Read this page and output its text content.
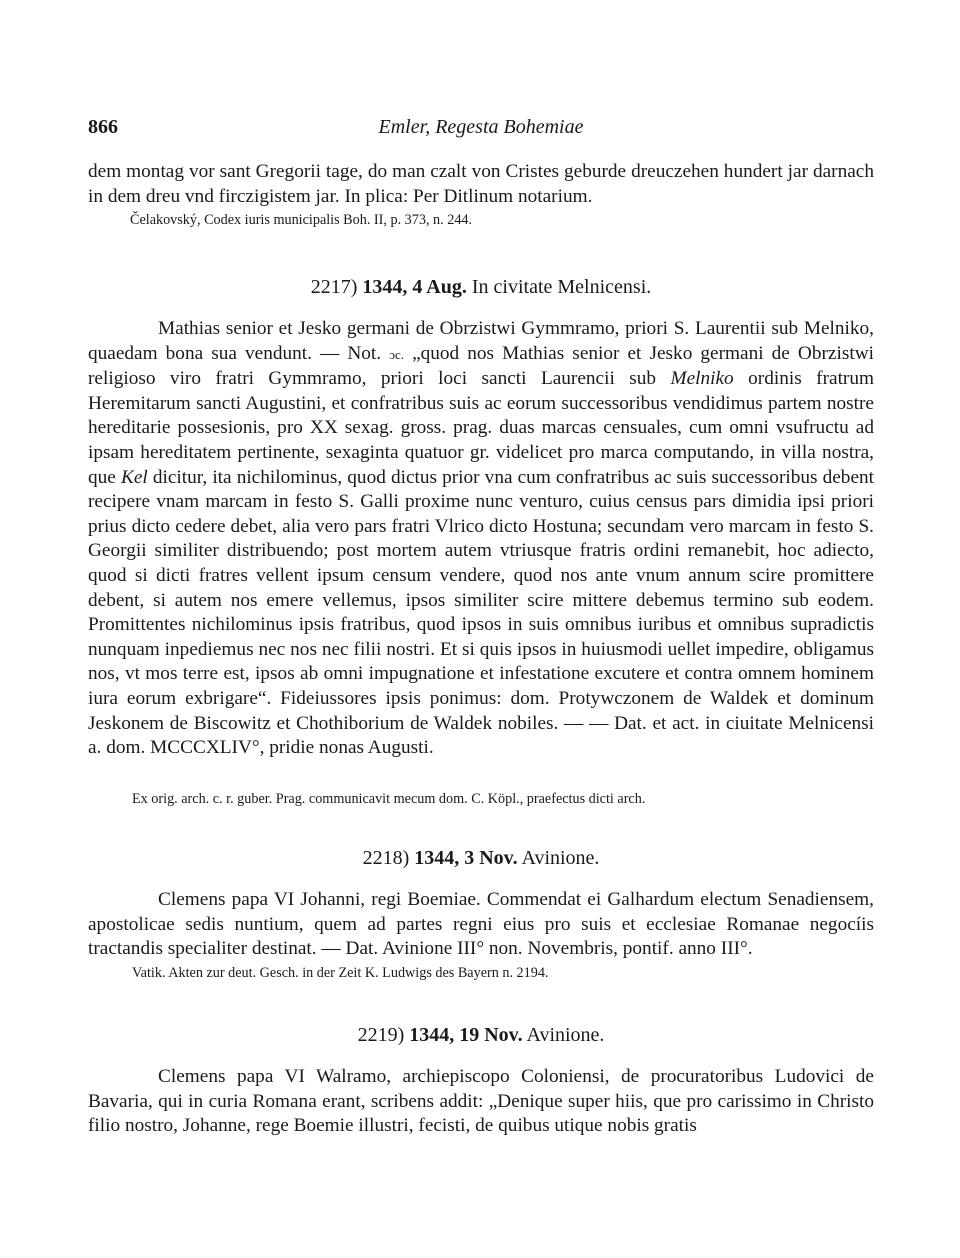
866	Emler, Regesta Bohemiae
dem montag vor sant Gregorii tage, do man czalt von Cristes geburde dreuczehen hundert jar darnach in dem dreu vnd firczigistem jar. In plica: Per Ditlinum notarium.
Čelakovský, Codex iuris municipalis Boh. II, p. 373, n. 244.
2217) 1344, 4 Aug. In civitate Melnicensi.
Mathias senior et Jesko germani de Obrzistwi Gymmramo, priori S. Laurentii sub Melniko, quaedam bona sua vendunt. — Not. ɔc. „quod nos Mathias senior et Jesko germani de Obrzistwi religioso viro fratri Gymmramo, priori loci sancti Laurencii sub Melniko ordinis fratrum Heremitarum sancti Augustini, et confratribus suis ac eorum successoribus vendidimus partem nostre hereditarie possesionis, pro XX sexag. gross. prag. duas marcas censuales, cum omni vsufructu ad ipsam hereditatem pertinente, sexaginta quatuor gr. videlicet pro marca computando, in villa nostra, que Kel dicitur, ita nichilominus, quod dictus prior vna cum confratribus ac suis successoribus debent recipere vnam marcam in festo S. Galli proxime nunc venturo, cuius census pars dimidia ipsi priori prius dicto cedere debet, alia vero pars fratri Vlrico dicto Hostuna; secundam vero marcam in festo S. Georgii similiter distribuendo; post mortem autem vtriusque fratris ordini remanebit, hoc adiecto, quod si dicti fratres vellent ipsum censum vendere, quod nos ante vnum annum scire promittere debent, si autem nos emere vellemus, ipsos similiter scire mittere debemus terminо sub eodem. Promittentes nichilominus ipsis fratribus, quod ipsos in suis omnibus iuribus et omnibus supradictis nunquam inpediemus nec nos nec filii nostri. Et si quis ipsos in huiusmodi uellet impedire, obligamus nos, vt mos terre est, ipsos ab omni impugnatione et infestatione excutere et contra omnem hominem iura eorum exbrigare“. Fideiussores ipsis ponimus: dom. Protywczonem de Waldek et dominum Jeskonem de Biscowitz et Chothiborium de Waldek nobiles. — — Dat. et act. in ciuitate Melnicensi a. dom. MCCCXLIV°, pridie nonas Augusti.
Ex orig. arch. c. r. guber. Prag. communicavit mecum dom. C. Köpl., praefectus dicti arch.
2218) 1344, 3 Nov. Avinione.
Clemens papa VI Johanni, regi Boemiae. Commendat ei Galhardum electum Senadiensem, apostolicae sedis nuntium, quem ad partes regni eius pro suis et ecclesiae Romanae negocíis tractandis specialiter destinat. — Dat. Avinione III° non. Novembris, pontif. anno III°.
Vatik. Akten zur deut. Gesch. in der Zeit K. Ludwigs des Bayern n. 2194.
2219) 1344, 19 Nov. Avinione.
Clemens papa VI Walramo, archiepiscopo Coloniensi, de procuratoribus Ludovici de Bavaria, qui in curia Romana erant, scribens addit: „Denique super hiis, que pro carissimo in Christo filio nostro, Johanne, rege Boemie illustri, fecisti, de quibus utique nobis gratis
